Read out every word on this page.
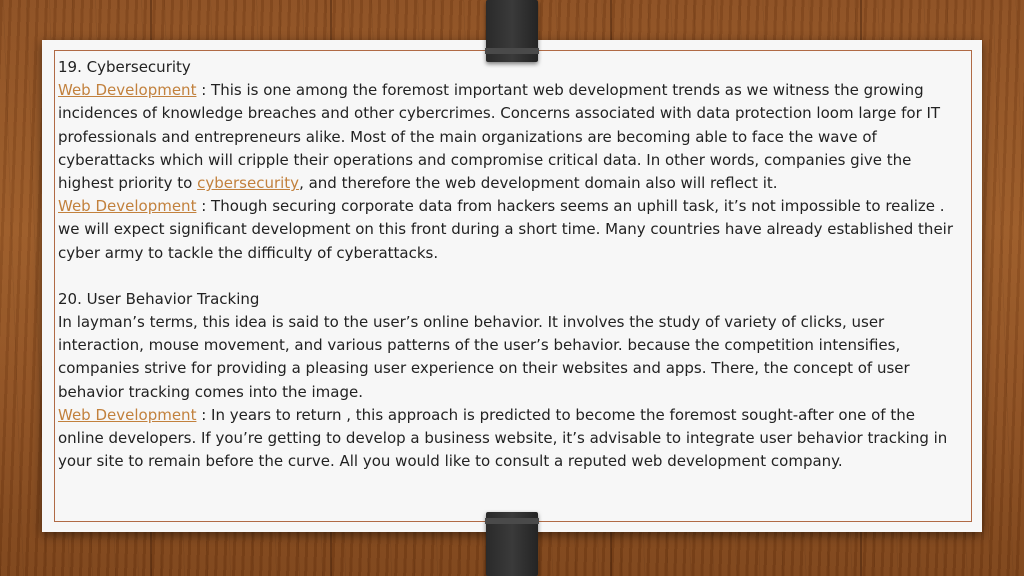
19. Cybersecurity

Web Development : This is one among the foremost important web development trends as we witness the growing incidences of knowledge breaches and other cybercrimes. Concerns associated with data protection loom large for IT professionals and entrepreneurs alike. Most of the main organizations are becoming able to face the wave of cyberattacks which will cripple their operations and compromise critical data. In other words, companies give the highest priority to cybersecurity, and therefore the web development domain also will reflect it.

Web Development : Though securing corporate data from hackers seems an uphill task, it’s not impossible to realize . we will expect significant development on this front during a short time. Many countries have already established their cyber army to tackle the difficulty of cyberattacks.

20. User Behavior Tracking

In layman’s terms, this idea is said to the user’s online behavior. It involves the study of variety of clicks, user interaction, mouse movement, and various patterns of the user’s behavior. because the competition intensifies, companies strive for providing a pleasing user experience on their websites and apps. There, the concept of user behavior tracking comes into the image.

Web Development : In years to return , this approach is predicted to become the foremost sought-after one of the online developers. If you’re getting to develop a business website, it’s advisable to integrate user behavior tracking in your site to remain before the curve. All you would like to consult a reputed web development company.
